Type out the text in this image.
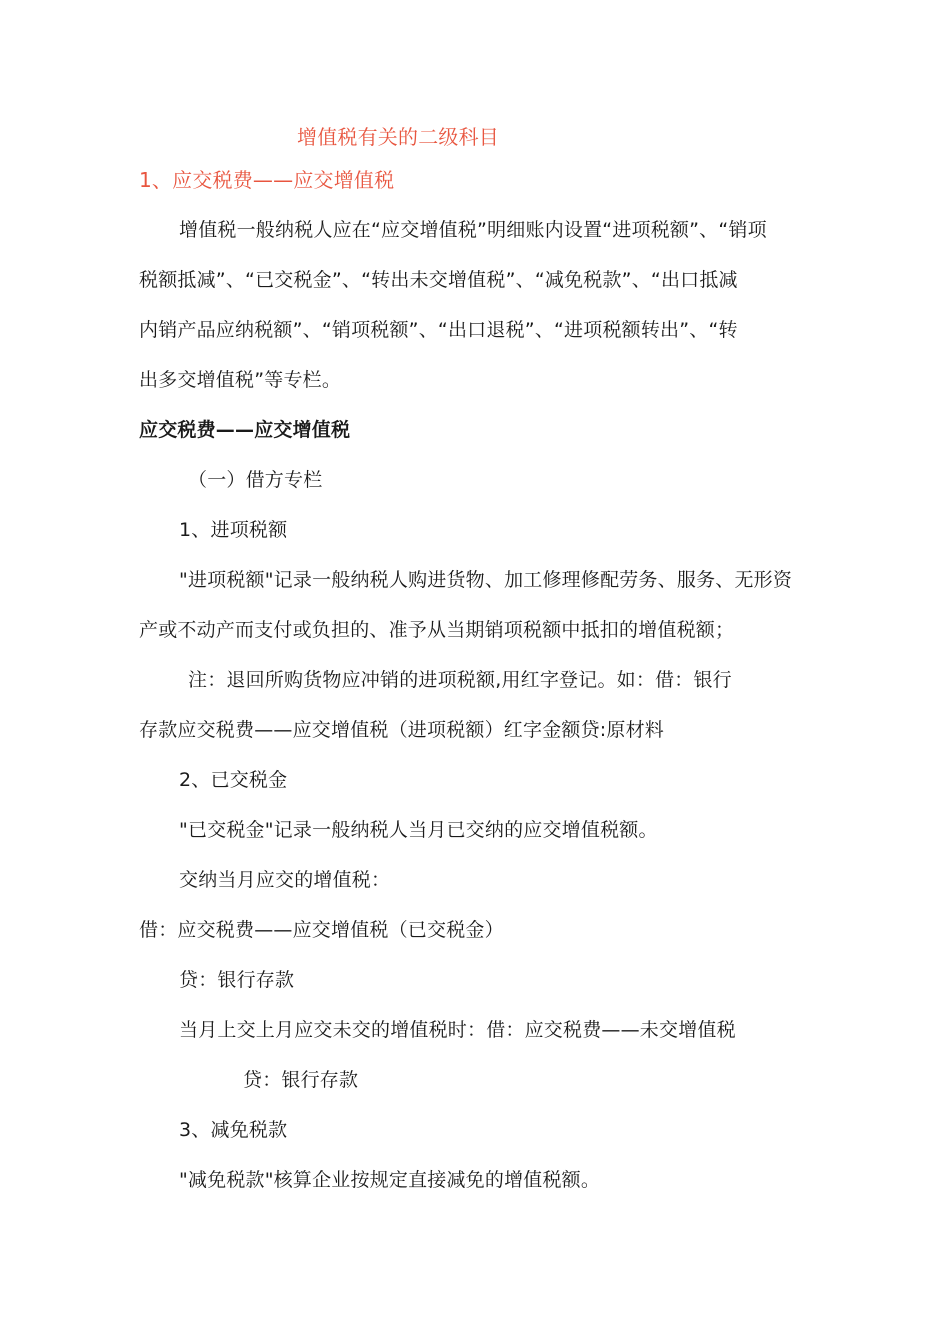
增值税有关的二级科目
1、应交税费——应交增值税
增值税一般纳税人应在“应交增值税”明细账内设置“进项税额”、“销项
税额抵减”、“已交税金”、“转出未交增值税”、“减免税款”、“出口抵减
内销产品应纳税额”、“销项税额”、“出口退税”、“进项税额转出”、“转
出多交增值税”等专栏。
应交税费——应交增值税
（一）借方专栏
1、进项税额
"进项税额"记录一般纳税人购进货物、加工修理修配劳务、服务、无形资
产或不动产而支付或负担的、准予从当期销项税额中抵扣的增值税额；
注：退回所购货物应冲销的进项税额,用红字登记。如：借：银行
存款应交税费——应交增值税（进项税额）红字金额贷:原材料
2、已交税金
"已交税金"记录一般纳税人当月已交纳的应交增值税额。
交纳当月应交的增值税：
借：应交税费——应交增值税（已交税金）
贷：银行存款
当月上交上月应交未交的增值税时：借：应交税费——未交增值税
贷：银行存款
3、减免税款
"减免税款"核算企业按规定直接减免的增值税额。
